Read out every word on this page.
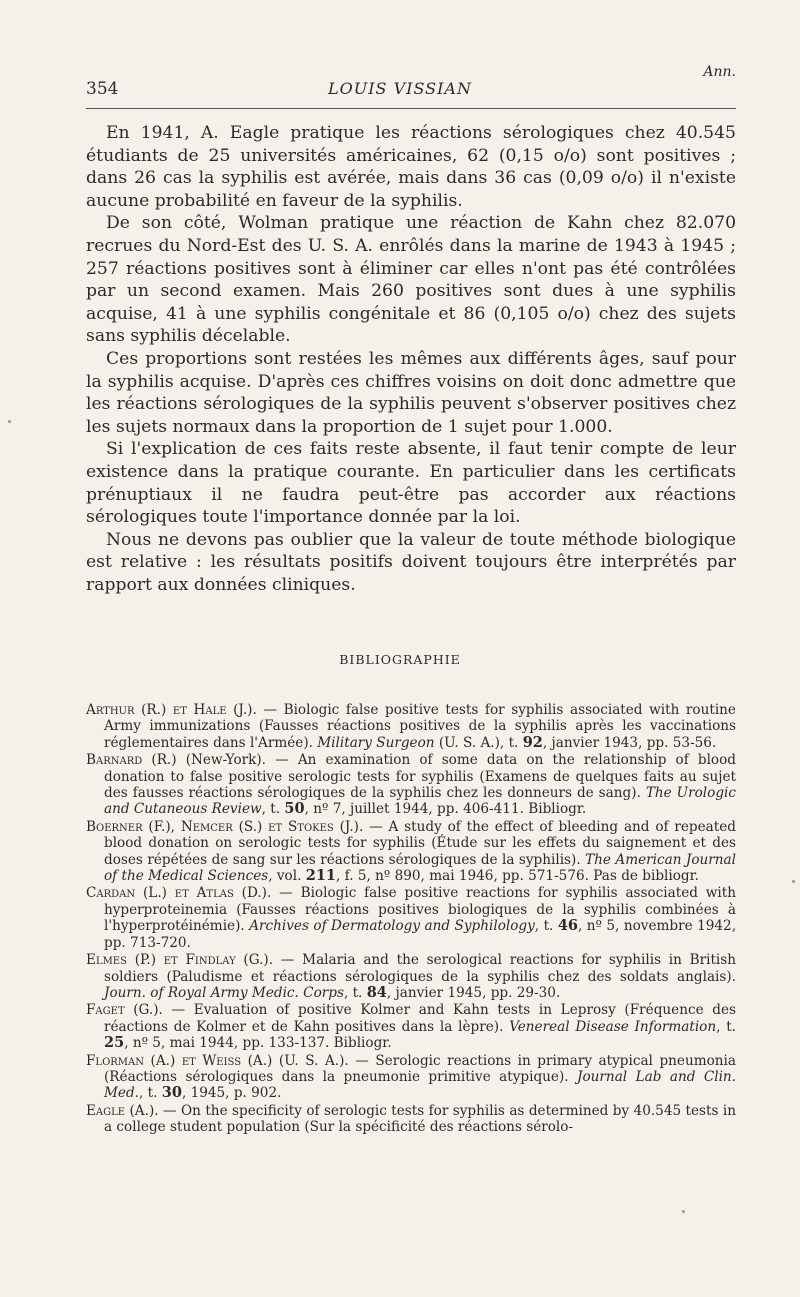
354	LOUIS VISSIAN
Ann.

En 1941, A. Eagle pratique les réactions sérologiques chez 40.545 étudiants de 25 universités américaines, 62 (0,15 o/o) sont positives ; dans 26 cas la syphilis est avérée, mais dans 36 cas (0,09 o/o) il n'existe aucune probabilité en faveur de la syphilis.

De son côté, Wolman pratique une réaction de Kahn chez 82.070 recrues du Nord-Est des U. S. A. enrôlés dans la marine de 1943 à 1945 ; 257 réactions positives sont à éliminer car elles n'ont pas été contrôlées par un second examen. Mais 260 positives sont dues à une syphilis acquise, 41 à une syphilis congénitale et 86 (0,105 o/o) chez des sujets sans syphilis décelable.

Ces proportions sont restées les mêmes aux différents âges, sauf pour la syphilis acquise. D'après ces chiffres voisins on doit donc admettre que les réactions sérologiques de la syphilis peuvent s'observer positives chez les sujets normaux dans la proportion de 1 sujet pour 1.000.

Si l'explication de ces faits reste absente, il faut tenir compte de leur existence dans la pratique courante. En particulier dans les certificats prénuptiaux il ne faudra peut-être pas accorder aux réactions sérologiques toute l'importance donnée par la loi.

Nous ne devons pas oublier que la valeur de toute méthode biologique est relative : les résultats positifs doivent toujours être interprétés par rapport aux données cliniques.

BIBLIOGRAPHIE

Arthur (R.) et Hale (J.). — Biologic false positive tests for syphilis associated with routine Army immunizations (Fausses réactions positives de la syphilis après les vaccinations réglementaires dans l'Armée). Military Surgeon (U. S. A.), t. 92, janvier 1943, pp. 53-56.

Barnard (R.) (New-York). — An examination of some data on the relationship of blood donation to false positive serologic tests for syphilis (Examens de quelques faits au sujet des fausses réactions sérologiques de la syphilis chez les donneurs de sang). The Urologic and Cutaneous Review, t. 50, nº 7, juillet 1944, pp. 406-411. Bibliogr.

Boerner (F.), Nemcer (S.) et Stokes (J.). — A study of the effect of bleeding and of repeated blood donation on serologic tests for syphilis (Étude sur les effets du saignement et des doses répétées de sang sur les réactions sérologiques de la syphilis). The American Journal of the Medical Sciences, vol. 211, f. 5, nº 890, mai 1946, pp. 571-576. Pas de bibliogr.

Cardan (L.) et Atlas (D.). — Biologic false positive reactions for syphilis associated with hyperproteinemia (Fausses réactions positives biologiques de la syphilis combinées à l'hyperprotéinémie). Archives of Dermatology and Syphilology, t. 46, nº 5, novembre 1942, pp. 713-720.

Elmes (P.) et Findlay (G.). — Malaria and the serological reactions for syphilis in British soldiers (Paludisme et réactions sérologiques de la syphilis chez des soldats anglais). Journ. of Royal Army Medic. Corps, t. 84, janvier 1945, pp. 29-30.

Faget (G.). — Evaluation of positive Kolmer and Kahn tests in Leprosy (Fréquence des réactions de Kolmer et de Kahn positives dans la lèpre). Venereal Disease Information, t. 25, nº 5, mai 1944, pp. 133-137. Bibliogr.

Florman (A.) et Weiss (A.) (U. S. A.). — Serologic reactions in primary atypical pneumonia (Réactions sérologiques dans la pneumonie primitive atypique). Journal Lab and Clin. Med., t. 30, 1945, p. 902.

Eagle (A.). — On the specificity of serologic tests for syphilis as determined by 40.545 tests in a college student population (Sur la spécificité des réactions sérolo-
